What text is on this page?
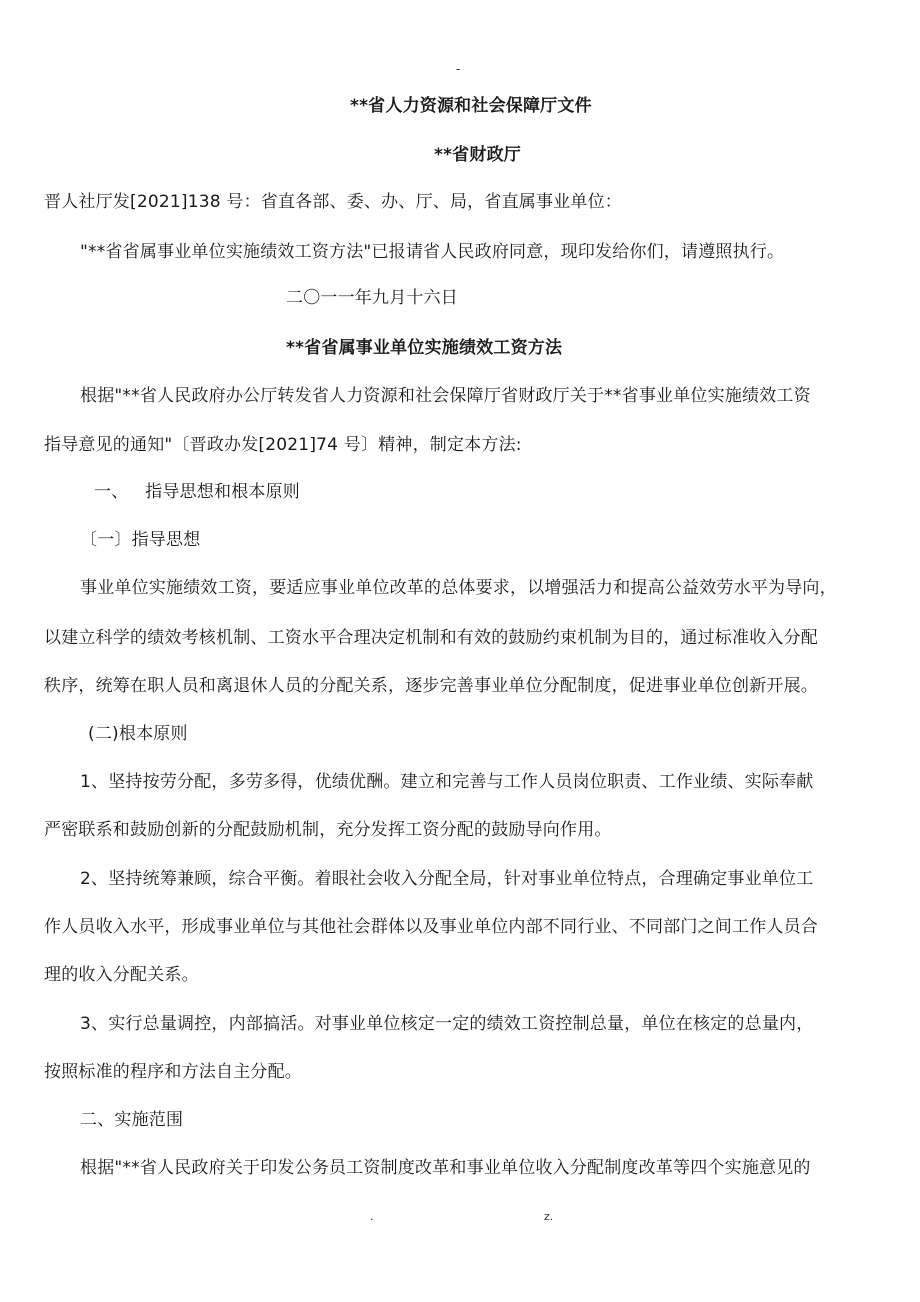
-
**省人力资源和社会保障厅文件
**省财政厅
晋人社厅发[2021]138 号：省直各部、委、办、厅、局，省直属事业单位：
"**省省属事业单位实施绩效工资方法"已报请省人民政府同意，现印发给你们，请遵照执行。
二〇一一年九月十六日
**省省属事业单位实施绩效工资方法
根据"**省人民政府办公厅转发省人力资源和社会保障厅省财政厅关于**省事业单位实施绩效工资
指导意见的通知"〔晋政办发[2021]74 号〕精神，制定本方法:
一、   指导思想和根本原则
〔一〕指导思想
事业单位实施绩效工资，要适应事业单位改革的总体要求，以增强活力和提高公益效劳水平为导向，
以建立科学的绩效考核机制、工资水平合理决定机制和有效的鼓励约束机制为目的，通过标准收入分配
秩序，统筹在职人员和离退休人员的分配关系，逐步完善事业单位分配制度，促进事业单位创新开展。
(二)根本原则
1、坚持按劳分配，多劳多得，优绩优酬。建立和完善与工作人员岗位职责、工作业绩、实际奉献
严密联系和鼓励创新的分配鼓励机制，充分发挥工资分配的鼓励导向作用。
2、坚持统筹兼顾，综合平衡。着眼社会收入分配全局，针对事业单位特点，合理确定事业单位工
作人员收入水平，形成事业单位与其他社会群体以及事业单位内部不同行业、不同部门之间工作人员合
理的收入分配关系。
3、实行总量调控，内部搞活。对事业单位核定一定的绩效工资控制总量，单位在核定的总量内，
按照标准的程序和方法自主分配。
二、实施范围
根据"**省人民政府关于印发公务员工资制度改革和事业单位收入分配制度改革等四个实施意见的
.	z.
